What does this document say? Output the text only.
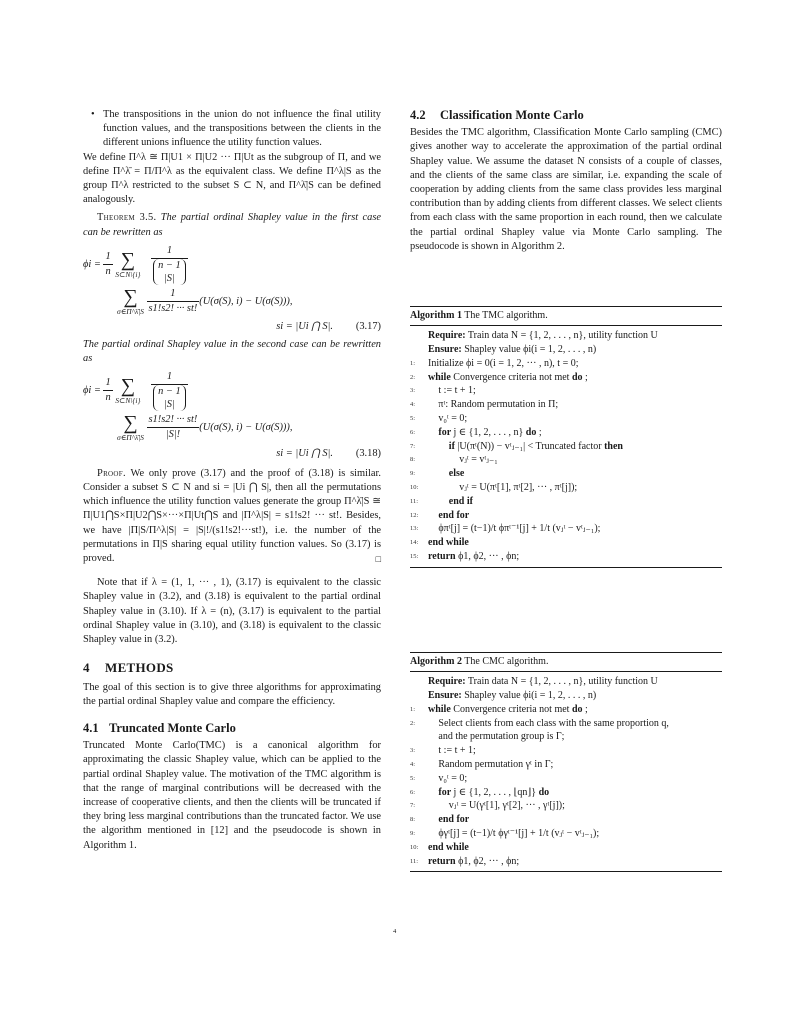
• The transpositions in the union do not influence the final utility function values, and the transpositions between the clients in the different unions influence the utility function values.

We define Π^λ ≅ Π|U1 × Π|U2 ··· Π|Ut as the subgroup of Π, and we define Π^λ̄ = Π/Π^λ as the equivalent class. We define Π^λ|S as the group Π^λ restricted to the subset S ⊂ N, and Π^λ̄|S can be defined analogously.

Theorem 3.5. The partial ordinal Shapley value in the first case can be rewritten as

$\phi i = \frac{1}{n}$
∑
S⊂N\{i}
1
n − 1
|S|
∑
σ∈Π^λ̄|S
$\frac{1}{s1!s2! \cdot\cdot\cdot st!} (U(\sigma(S)$, i) − U(σ(S))),
si = |Ui ⋂ S|. (3.17)

The partial ordinal Shapley value in the second case can be rewritten as

$\phi i = \frac{1}{n}$
∑
S⊂N\{i}
1
n − 1
|S|
∑
σ∈Π^λ̄|S
$\frac{s1!s2! \cdot\cdot\cdot st!}{|S|!} (U(\sigma(S)$, i) − U(σ(S))),
si = |Ui ⋂ S|. (3.18)

Proof. We only prove (3.17) and the proof of (3.18) is similar. Consider a subset S ⊂ N and si = |Ui ⋂ S|, then all the permutations which influence the utility function values generate the group Π^λ̄|S ≅ Π|U1⋂S×Π|U2⋂S×···×Π|Ut⋂S and |Π^λ|S| = s1!s2! ··· st!. Besides, we have |Π|S/Π^λ|S| = |S|!/(s1!s2!···st!), i.e. the number of the permutations in Π|S sharing equal utility function values. So (3.17) is proved.	□

Note that if λ = (1, 1, ··· , 1), (3.17) is equivalent to the classic Shapley value in (3.2), and (3.18) is equivalent to the partial ordinal Shapley value in (3.10). If λ = (n), (3.17) is equivalent to the partial ordinal Shapley value in (3.10), and (3.18) is equivalent to the classic Shapley value in (3.2).

4 METHODS

The goal of this section is to give three algorithms for approximating the partial ordinal Shapley value and compare the efficiency.

4.1 Truncated Monte Carlo

Truncated Monte Carlo(TMC) is a canonical algorithm for approximating the classic Shapley value, which can be applied to the partial ordinal Shapley value. The motivation of the TMC algorithm is that the range of marginal contributions will be decreased with the increase of cooperative clients, and then the clients will be truncated if they bring less marginal contributions than the truncated factor. We use the algorithm mentioned in [12] and the pseudocode is shown in Algorithm 1.

4.2 Classification Monte Carlo

Besides the TMC algorithm, Classification Monte Carlo sampling (CMC) gives another way to accelerate the approximation of the partial ordinal Shapley value. We assume the dataset N consists of a couple of classes, and the clients of the same class are similar, i.e. expanding the scale of cooperation by adding clients from the same class provides less marginal contribution than by adding clients from different classes. We select clients from each class with the same proportion in each round, then we calculate the partial ordinal Shapley value via Monte Carlo sampling. The pseudocode is shown in Algorithm 2.

Algorithm 1 The TMC algorithm.
Require: Train data N = {1, 2, . . . , n}, utility function U
Ensure: Shapley value ϕi(i = 1, 2, . . . , n)
1:	Initialize ϕi = 0(i = 1, 2, ··· , n), t = 0;
2:	while Convergence criteria not met do ;
3:	t := t + 1;
4:	πᵗ: Random permutation in Π;
5:	v₀ᵗ = 0;
6:	for j ∈ {1, 2, . . . , n} do ;
7:	if |U(πᵗ(N)) − vᵗⱼ₋₁| < Truncated factor then
8:	vⱼᵗ = vᵗⱼ₋₁
9:	else
10:	vⱼᵗ = U(πᵗ[1], πᵗ[2], ··· , πᵗ[j]);
11:	end if
12:	end for
13:	ϕπᵗ[j] = (t−1)/t ϕπᵗ⁻¹[j] + 1/t (vⱼᵗ − vᵗⱼ₋₁);
14: end while
15: return ϕ1, ϕ2, ··· , ϕn;
Algorithm 2 The CMC algorithm.
Require: Train data N = {1, 2, . . . , n}, utility function U
Ensure: Shapley value ϕi(i = 1, 2, . . . , n)
1:	while Convergence criteria not met do ;
2:	Select clients from each class with the same proportion q,
and the permutation group is Γ;
3:	t := t + 1;
4:	Random permutation γᵗ in Γ;
5:	v₀ᵗ = 0;
6:	for j ∈ {1, 2, . . . , ⌊qn⌋} do
7:	vⱼᵗ = U(γᵗ[1], γᵗ[2], ··· , γᵗ[j]);
8:	end for
9:	ϕγᵗ[j] = (t−1)/t ϕγᵗ⁻¹[j] + 1/t (vⱼᵗ − vᵗⱼ₋₁);
10: end while
11: return ϕ1, ϕ2, ··· , ϕn;
4
